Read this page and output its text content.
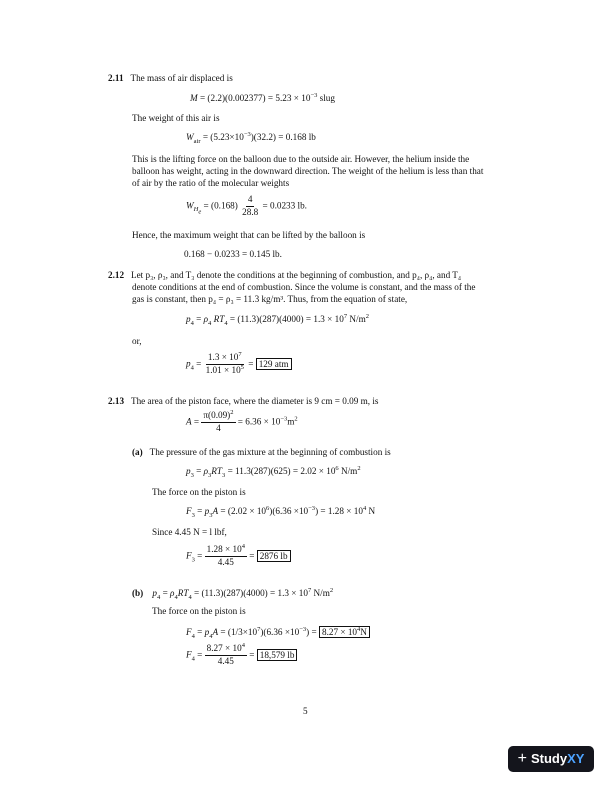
2.11 The mass of air displaced is
$M = (2.2)(0.002377) = 5.23 \times 10^{-3}$ slug
The weight of this air is
$W_{air} = (5.23\times 10^{-3})(32.2) = 0.168$ lb
This is the lifting force on the balloon due to the outside air. However, the helium inside the
balloon has weight, acting in the downward direction. The weight of the helium is less than that
of air by the ratio of the molecular weights
$W_{H_e} = (0.168) \frac{4}{28.8} = 0.0233$ lb.
Hence, the maximum weight that can be lifted by the balloon is
0.168 − 0.0233 = 0.145 lb.
2.12 Let p₃, ρ₃, and T₃ denote the conditions at the beginning of combustion, and p₄, ρ₄, and T₄
denote conditions at the end of combustion. Since the volume is constant, and the mass of the
gas is constant, then p₄ = ρ₃ = 11.3 kg/m³. Thus, from the equation of state,
$p_4 = \rho_4$ $RT_4 = (11.3)(287)(4000) = 1.3 \times 10^7$ $N/m^2$
or,
$p_4 = \frac{1.3 \times 10^7}{1.01 \times 10^5} = 129$ atm
2.13 The area of the piston face, where the diameter is 9 cm = 0.09 m, is
$A = \frac{\pi(0.09)^2}{4} = 6.36 \times 10^{-3}m^2$
(a) The pressure of the gas mixture at the beginning of combustion is
$p_3 = \rho_3RT_3 = 11.3(287)(625) = 2.02 \times 10^6$ $N/m^2$
The force on the piston is
$F_3 = p_3A = (2.02 \times 10^6)(6.36 \times 10^{-3}) = 1.28 \times 10^4$ N
Since 4.45 N = l lbf,
$F_3 = \frac{1.28 \times 10^4}{4.45} = 2876$ lb
(b) $p_4 = \rho_4RT_4 = (11.3)(287)(4000) = 1.3 \times 10^7$ $N/m^2$
The force on the piston is
$F_4 = p_4A = (1/3\times 10^7)(6.36 \times 10^{-3}) = 8.27 \times 10^4N$
$F_4 = \frac{8.27 \times 10^4}{4.45} = 18,579$ lb
5
+ StudyXY
